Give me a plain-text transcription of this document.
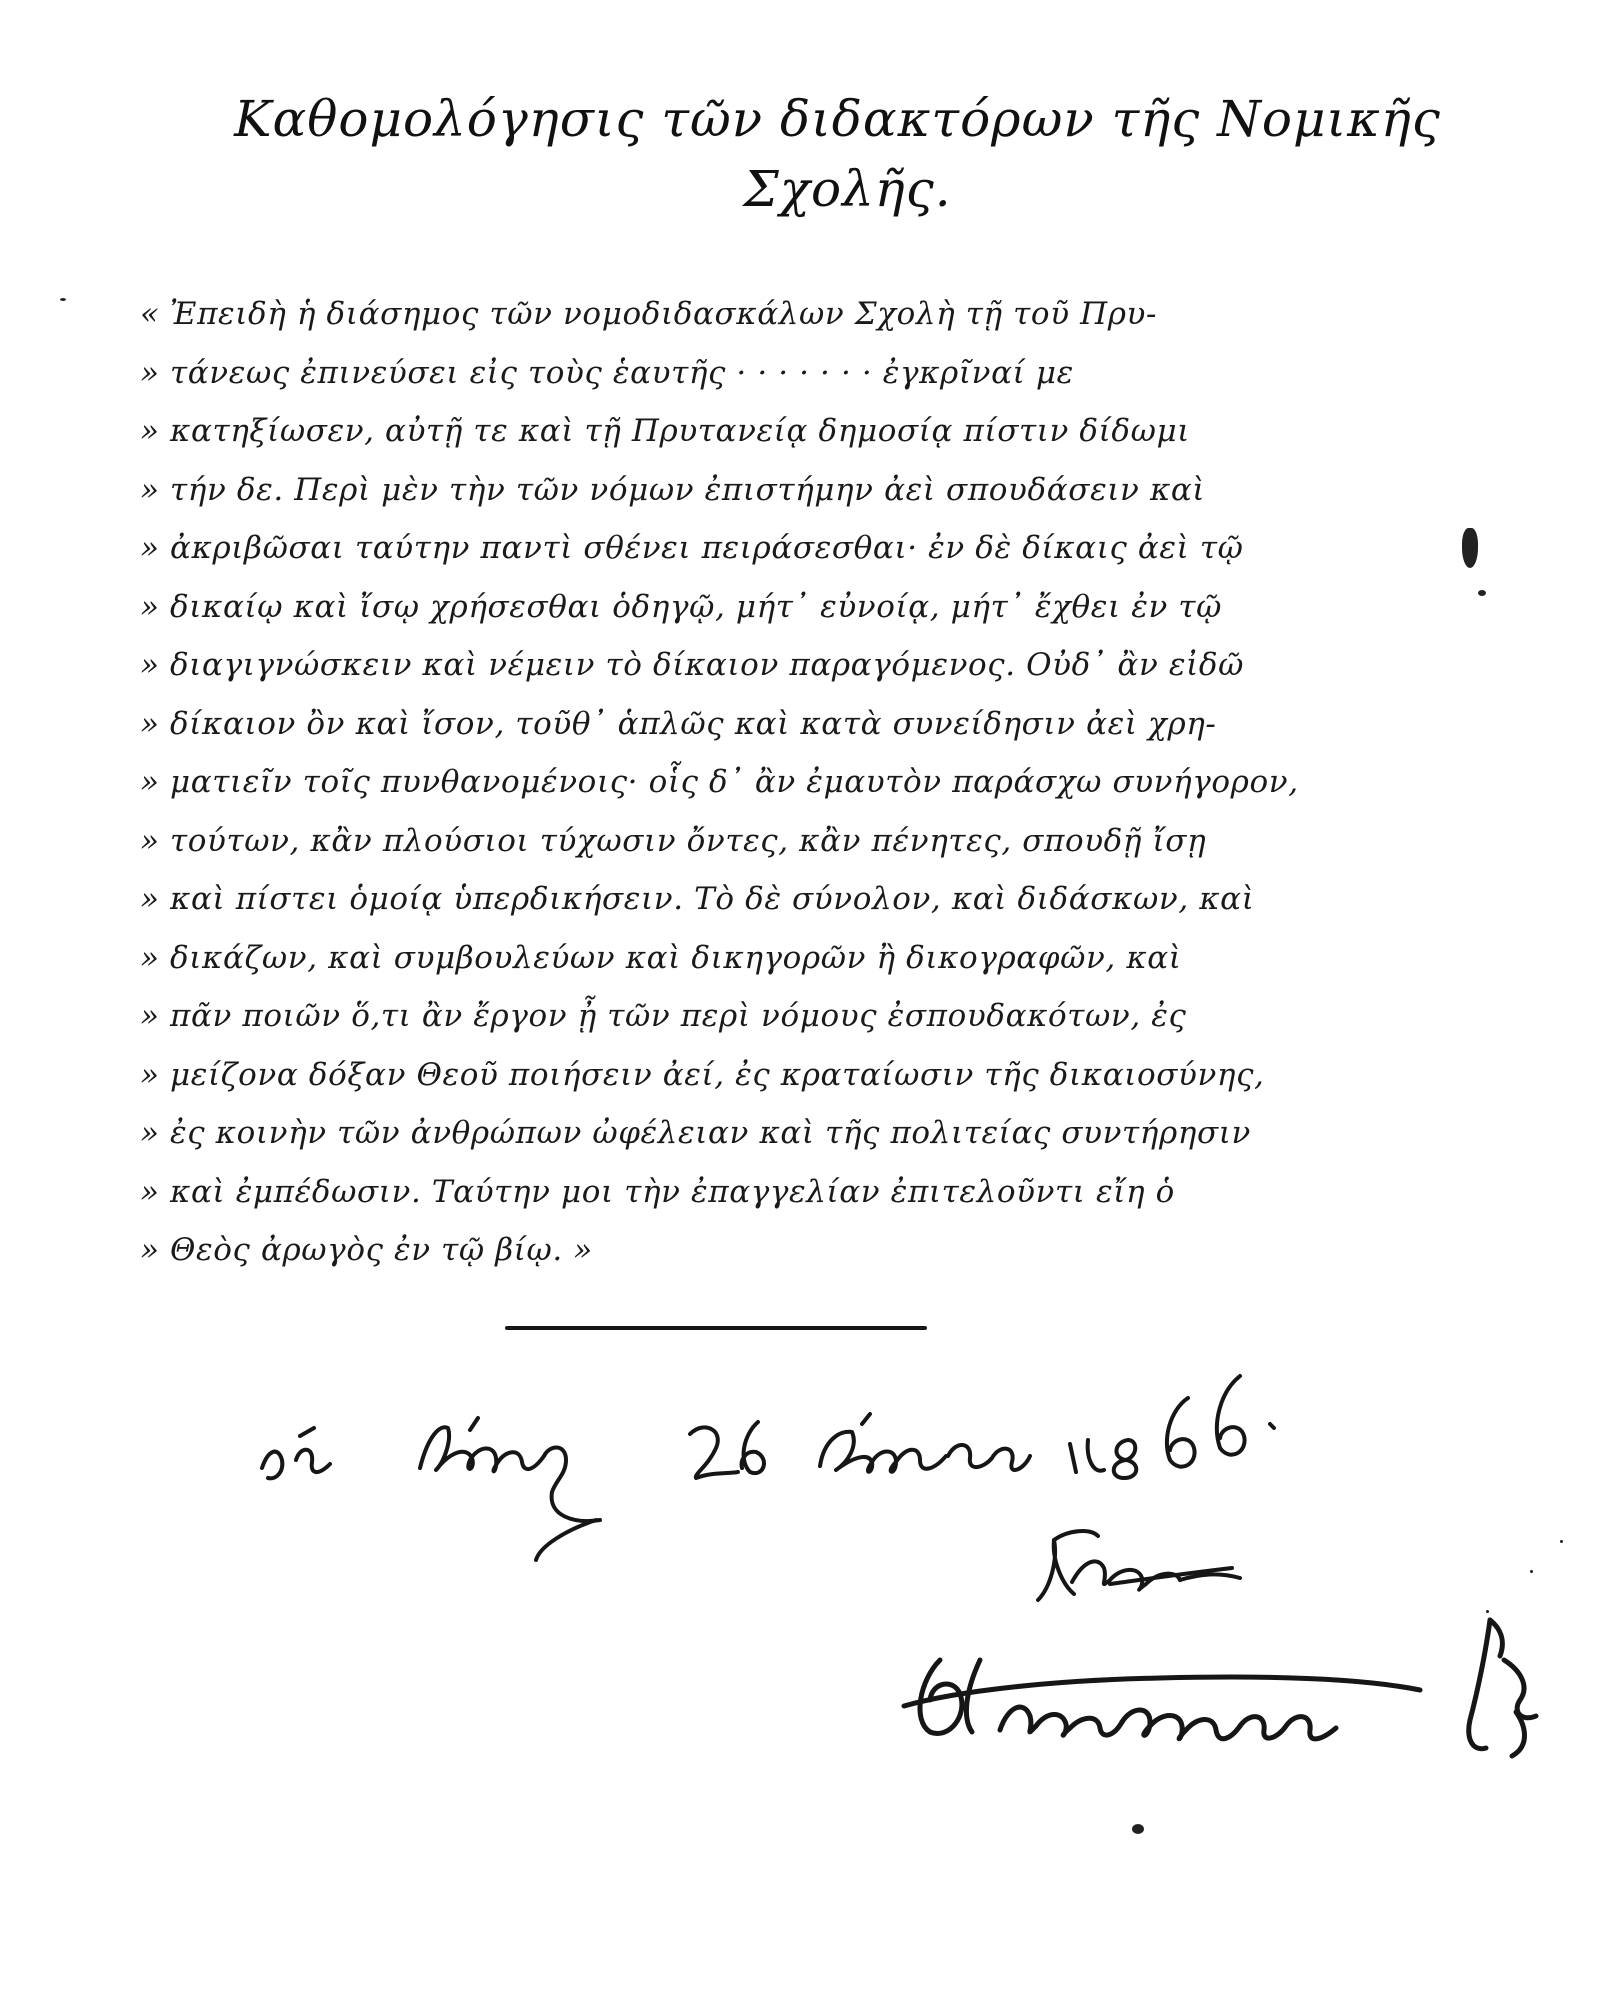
Καθομολόγησις τῶν διδακτόρων τῆς Νομικῆς
Σχολῆς.
« Ἐπειδὴ ἡ διάσημος τῶν νομοδιδασκάλων Σχολὴ τῇ τοῦ Πρυ-
» τάνεως ἐπινεύσει εἰς τοὺς ἑαυτῆς · · · · · · · ἐγκρῖναί με
» κατηξίωσεν, αὐτῇ τε καὶ τῇ Πρυτανείᾳ δημοσίᾳ πίστιν δίδωμι
» τήν δε. Περὶ μὲν τὴν τῶν νόμων ἐπιστήμην ἀεὶ σπουδάσειν καὶ
» ἀκριβῶσαι ταύτην παντὶ σθένει πειράσεσθαι· ἐν δὲ δίκαις ἀεὶ τῷ
» δικαίῳ καὶ ἴσῳ χρήσεσθαι ὁδηγῷ, μήτ᾽ εὐνοίᾳ, μήτ᾽ ἔχθει ἐν τῷ
» διαγιγνώσκειν καὶ νέμειν τὸ δίκαιον παραγόμενος. Οὐδ᾽ ἂν εἰδῶ
» δίκαιον ὂν καὶ ἴσον, τοῦθ᾽ ἁπλῶς καὶ κατὰ συνείδησιν ἀεὶ χρη-
» ματιεῖν τοῖς πυνθανομένοις· οἷς δ᾽ ἂν ἐμαυτὸν παράσχω συνήγορον,
» τούτων, κἂν πλούσιοι τύχωσιν ὄντες, κἂν πένητες, σπουδῇ ἴσῃ
» καὶ πίστει ὁμοίᾳ ὑπερδικήσειν. Τὸ δὲ σύνολον, καὶ διδάσκων, καὶ
» δικάζων, καὶ συμβουλεύων καὶ δικηγορῶν ἢ δικογραφῶν, καὶ
» πᾶν ποιῶν ὅ,τι ἂν ἔργον ᾖ τῶν περὶ νόμους ἐσπουδακότων, ἐς
» μείζονα δόξαν Θεοῦ ποιήσειν ἀεί, ἐς κραταίωσιν τῆς δικαιοσύνης,
» ἐς κοινὴν τῶν ἀνθρώπων ὠφέλειαν καὶ τῆς πολιτείας συντήρησιν
» καὶ ἐμπέδωσιν. Ταύτην μοι τὴν ἐπαγγελίαν ἐπιτελοῦντι εἴη ὁ
» Θεὸς ἀρωγὸς ἐν τῷ βίῳ. »
